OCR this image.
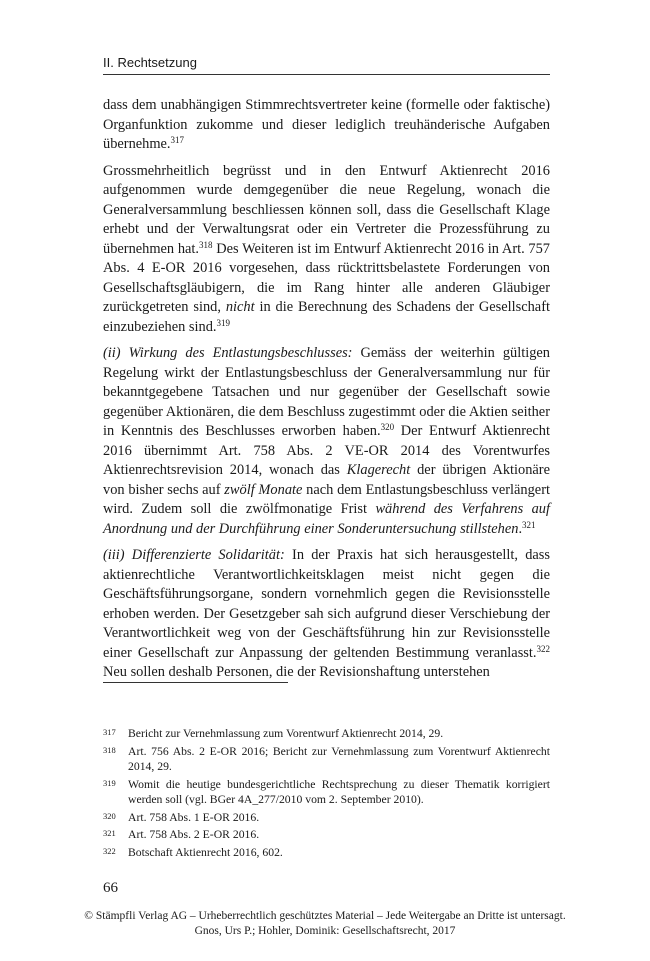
II. Rechtsetzung

dass dem unabhängigen Stimmrechtsvertreter keine (formelle oder faktische) Organfunktion zukomme und dieser lediglich treuhänderische Aufgaben übernehme.$^{317}$

Grossmehrheitlich begrüsst und in den Entwurf Aktienrecht 2016 aufgenommen wurde demgegenüber die neue Regelung, wonach die Generalversammlung beschliessen können soll, dass die Gesellschaft Klage erhebt und der Verwaltungsrat oder ein Vertreter die Prozessführung zu übernehmen hat.$^{318}$ Des Weiteren ist im Entwurf Aktienrecht 2016 in Art. 757 Abs. 4 E-OR 2016 vorgesehen, dass rücktrittsbelastete Forderungen von Gesellschaftsgläubigern, die im Rang hinter alle anderen Gläubiger zurückgetreten sind, nicht in die Berechnung des Schadens der Gesellschaft einzubeziehen sind.$^{319}$

(ii) Wirkung des Entlastungsbeschlusses: Gemäss der weiterhin gültigen Regelung wirkt der Entlastungsbeschluss der Generalversammlung nur für bekanntgegebene Tatsachen und nur gegenüber der Gesellschaft sowie gegenüber Aktionären, die dem Beschluss zugestimmt oder die Aktien seither in Kenntnis des Beschlusses erworben haben.$^{320}$ Der Entwurf Aktienrecht 2016 übernimmt Art. 758 Abs. 2 VE-OR 2014 des Vorentwurfes Aktienrechtsrevision 2014, wonach das Klagerecht der übrigen Aktionäre von bisher sechs auf zwölf Monate nach dem Entlastungsbeschluss verlängert wird. Zudem soll die zwölfmonatige Frist während des Verfahrens auf Anordnung und der Durchführung einer Sonderuntersuchung stillstehen.$^{321}$

(iii) Differenzierte Solidarität: In der Praxis hat sich herausgestellt, dass aktienrechtliche Verantwortlichkeitsklagen meist nicht gegen die Geschäftsführungsorgane, sondern vornehmlich gegen die Revisionsstelle erhoben werden. Der Gesetzgeber sah sich aufgrund dieser Verschiebung der Verantwortlichkeit weg von der Geschäftsführung hin zur Revisionsstelle einer Gesellschaft zur Anpassung der geltenden Bestimmung veranlasst.$^{322}$ Neu sollen deshalb Personen, die der Revisionshaftung unterstehen

317	Bericht zur Vernehmlassung zum Vorentwurf Aktienrecht 2014, 29.
318	Art. 756 Abs. 2 E-OR 2016; Bericht zur Vernehmlassung zum Vorentwurf Aktienrecht 2014, 29.
319	Womit die heutige bundesgerichtliche Rechtsprechung zu dieser Thematik korrigiert werden soll (vgl. BGer 4A_277/2010 vom 2. September 2010).
320	Art. 758 Abs. 1 E-OR 2016.
321	Art. 758 Abs. 2 E-OR 2016.
322	Botschaft Aktienrecht 2016, 602.
66
© Stämpfli Verlag AG – Urheberrechtlich geschütztes Material – Jede Weitergabe an Dritte ist untersagt.
Gnos, Urs P.; Hohler, Dominik: Gesellschaftsrecht, 2017
